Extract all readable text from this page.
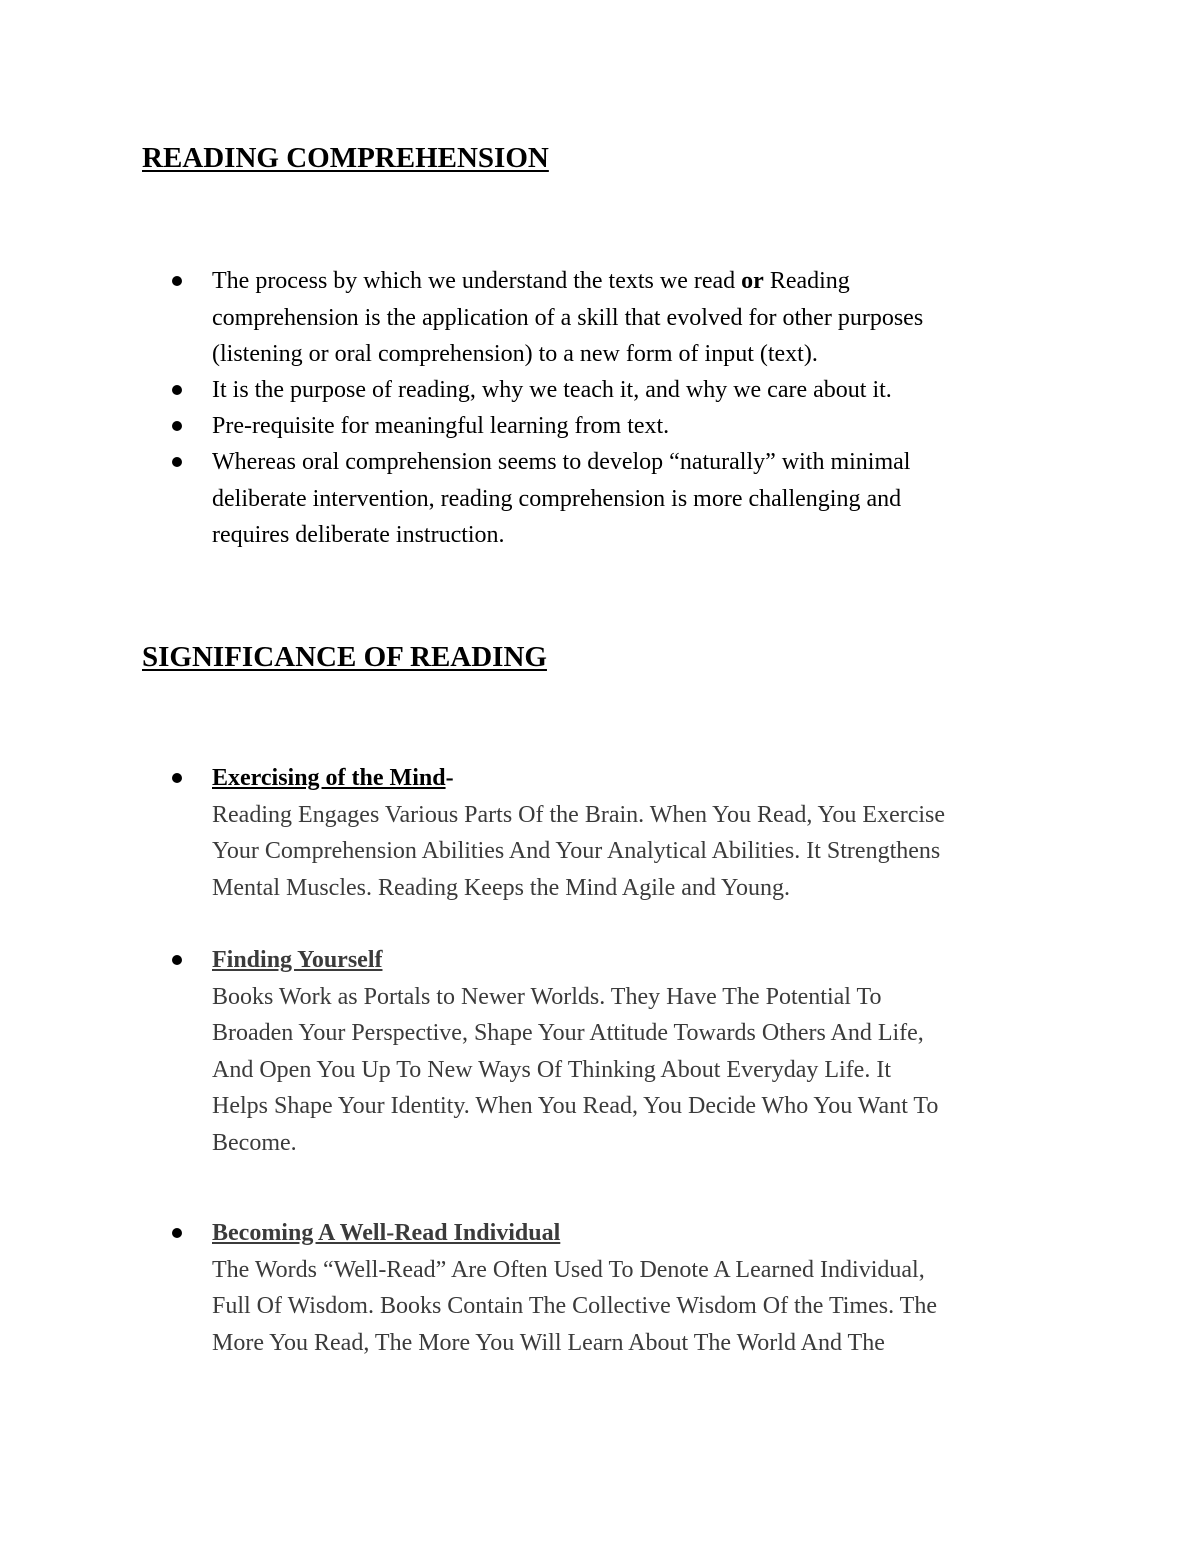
READING COMPREHENSION
The process by which we understand the texts we read or Reading
comprehension is the application of a skill that evolved for other purposes
(listening or oral comprehension) to a new form of input (text).
It is the purpose of reading, why we teach it, and why we care about it.
Pre-requisite for meaningful learning from text.
Whereas oral comprehension seems to develop “naturally” with minimal
deliberate intervention, reading comprehension is more challenging and
requires deliberate instruction.
SIGNIFICANCE OF READING
Exercising of the Mind-
Reading Engages Various Parts Of the Brain. When You Read, You Exercise
Your Comprehension Abilities And Your Analytical Abilities. It Strengthens
Mental Muscles. Reading Keeps the Mind Agile and Young.
Finding Yourself
Books Work as Portals to Newer Worlds. They Have The Potential To
Broaden Your Perspective, Shape Your Attitude Towards Others And Life,
And Open You Up To New Ways Of Thinking About Everyday Life. It
Helps Shape Your Identity. When You Read, You Decide Who You Want To
Become.
Becoming A Well-Read Individual
The Words “Well-Read” Are Often Used To Denote A Learned Individual,
Full Of Wisdom. Books Contain The Collective Wisdom Of the Times. The
More You Read, The More You Will Learn About The World And The
